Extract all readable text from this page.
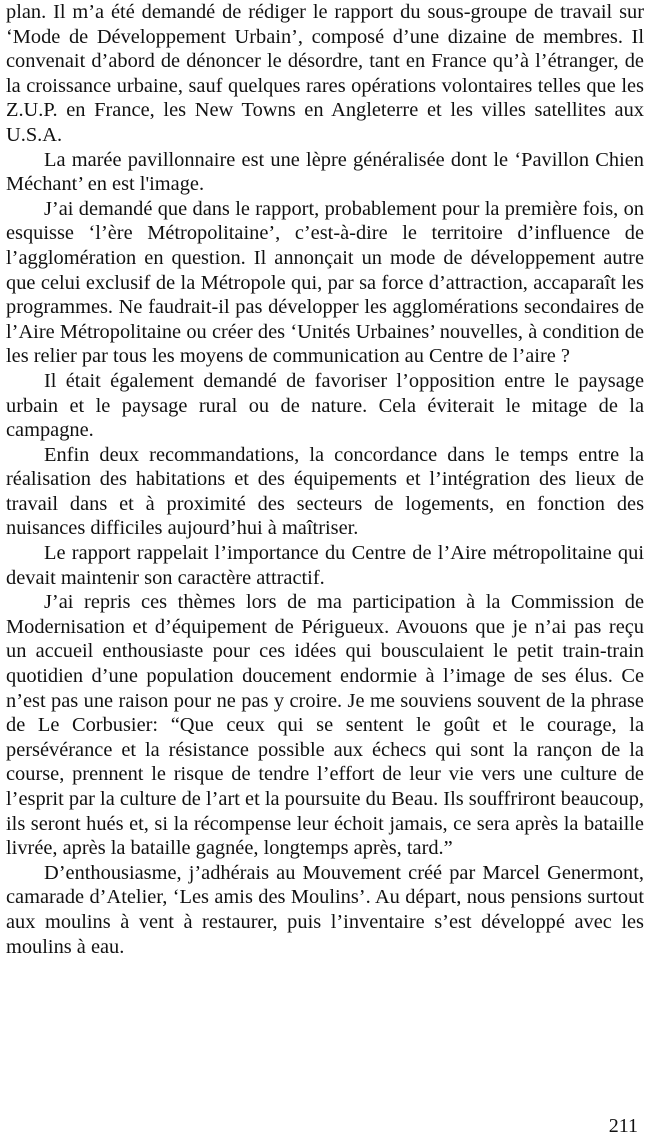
plan. Il m’a été demandé de rédiger le rapport du sous-groupe de travail sur ‘Mode de Développement Urbain’, composé d’une dizaine de membres. Il convenait d’abord de dénoncer le désordre, tant en France qu’à l’étranger, de la croissance urbaine, sauf quelques rares opérations volontaires telles que les Z.U.P. en France, les New Towns en Angleterre et les villes satellites aux U.S.A.

La marée pavillonnaire est une lèpre généralisée dont le ‘Pavillon Chien Méchant’ en est l'image.

J’ai demandé que dans le rapport, probablement pour la première fois, on esquisse ‘l’ère Métropolitaine’, c’est-à-dire le territoire d’influence de l’agglomération en question. Il annonçait un mode de développement autre que celui exclusif de la Métropole qui, par sa force d’attraction, accaparaît les programmes. Ne faudrait-il pas développer les agglomérations secondaires de l’Aire Métropolitaine ou créer des ‘Unités Urbaines’ nouvelles, à condition de les relier par tous les moyens de communication au Centre de l’aire ?

Il était également demandé de favoriser l’opposition entre le paysage urbain et le paysage rural ou de nature. Cela éviterait le mitage de la campagne.

Enfin deux recommandations, la concordance dans le temps entre la réalisation des habitations et des équipements et l’intégration des lieux de travail dans et à proximité des secteurs de logements, en fonction des nuisances difficiles aujourd’hui à maîtriser.

Le rapport rappelait l’importance du Centre de l’Aire métropolitaine qui devait maintenir son caractère attractif.

J’ai repris ces thèmes lors de ma participation à la Commission de Modernisation et d’équipement de Périgueux. Avouons que je n’ai pas reçu un accueil enthousiaste pour ces idées qui bousculaient le petit train-train quotidien d’une population doucement endormie à l’image de ses élus. Ce n’est pas une raison pour ne pas y croire. Je me souviens souvent de la phrase de Le Corbusier: “Que ceux qui se sentent le goût et le courage, la persévérance et la résistance possible aux échecs qui sont la rançon de la course, prennent le risque de tendre l’effort de leur vie vers une culture de l’esprit par la culture de l’art et la poursuite du Beau. Ils souffriront beaucoup, ils seront hués et, si la récompense leur échoit jamais, ce sera après la bataille livrée, après la bataille gagnée, longtemps après, tard.”

D’enthousiasme, j’adhérais au Mouvement créé par Marcel Genermont, camarade d’Atelier, ‘Les amis des Moulins’. Au départ, nous pensions surtout aux moulins à vent à restaurer, puis l’inventaire s’est développé avec les moulins à eau.

211
